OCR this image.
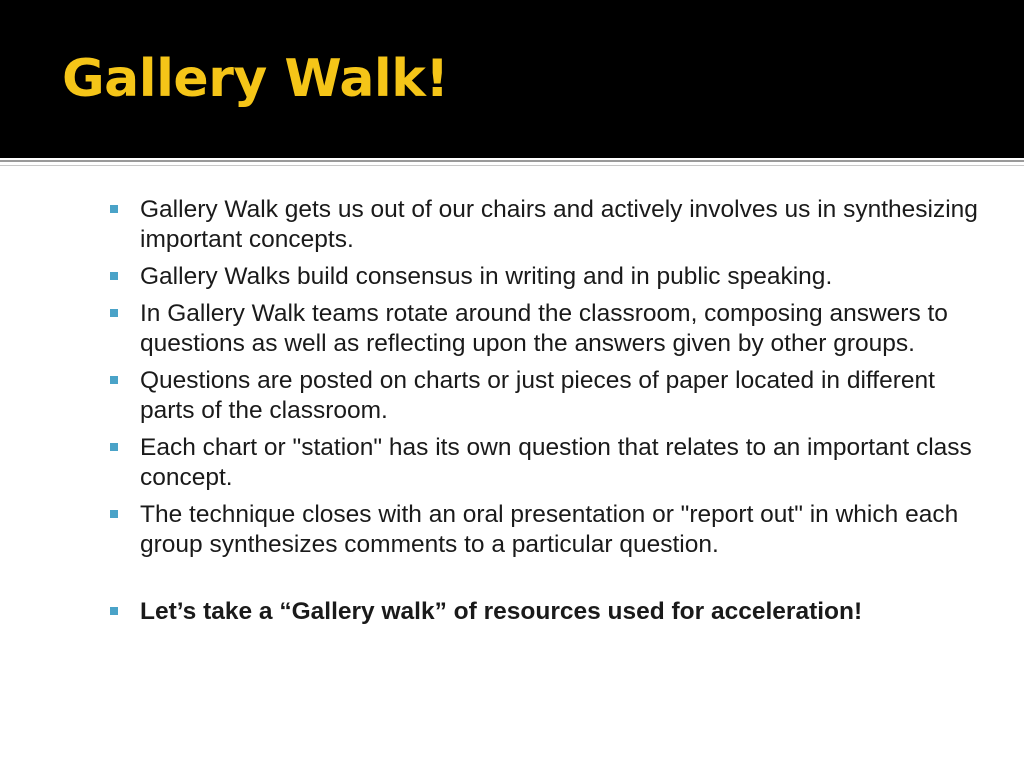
Gallery Walk!
Gallery Walk gets us out of our chairs and actively involves us in synthesizing important concepts.
Gallery Walks build consensus in writing and in public speaking.
In Gallery Walk teams rotate around the classroom, composing answers to questions as well as reflecting upon the answers given by other groups.
Questions are posted on charts or just pieces of paper located in different parts of the classroom.
Each chart or "station" has its own question that relates to an important class concept.
The technique closes with an oral presentation or "report out" in which each group synthesizes comments to a particular question.
Let’s take a “Gallery walk” of resources used for acceleration!
